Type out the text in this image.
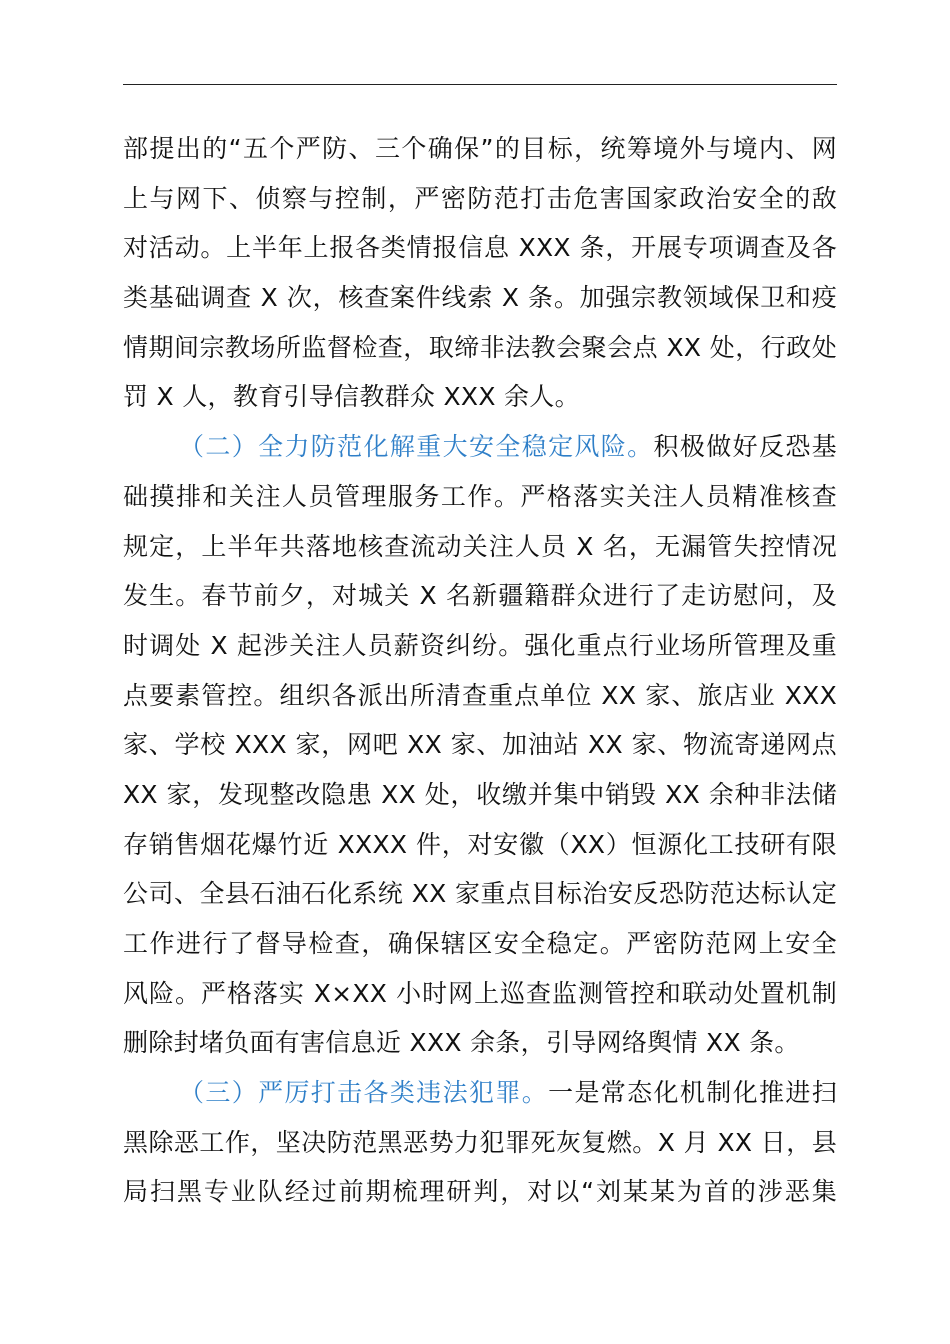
部提出的“五个严防、三个确保”的目标，统筹境外与境内、网
上与网下、侦察与控制，严密防范打击危害国家政治安全的敌
对活动。上半年上报各类情报信息 XXX 条，开展专项调查及各
类基础调查 X 次，核查案件线索 X 条。加强宗教领域保卫和疫
情期间宗教场所监督检查，取缔非法教会聚会点 XX 处，行政处
罚 X 人，教育引导信教群众 XXX 余人。
（二）全力防范化解重大安全稳定风险。积极做好反恐基
础摸排和关注人员管理服务工作。严格落实关注人员精准核查
规定，上半年共落地核查流动关注人员 X 名，无漏管失控情况
发生。春节前夕，对城关 X 名新疆籍群众进行了走访慰问，及
时调处 X 起涉关注人员薪资纠纷。强化重点行业场所管理及重
点要素管控。组织各派出所清查重点单位 XX 家、旅店业 XXX
家、学校 XXX 家，网吧 XX 家、加油站 XX 家、物流寄递网点
XX 家，发现整改隐患 XX 处，收缴并集中销毁 XX 余种非法储
存销售烟花爆竹近 XXXX 件，对安徽（XX）恒源化工技研有限
公司、全县石油石化系统 XX 家重点目标治安反恐防范达标认定
工作进行了督导检查，确保辖区安全稳定。严密防范网上安全
风险。严格落实 X×XX 小时网上巡查监测管控和联动处置机制
删除封堵负面有害信息近 XXX 余条，引导网络舆情 XX 条。
（三）严厉打击各类违法犯罪。一是常态化机制化推进扫
黑除恶工作，坚决防范黑恶势力犯罪死灰复燃。X 月 XX 日，县
局扫黑专业队经过前期梳理研判，对以“刘某某为首的涉恶集
